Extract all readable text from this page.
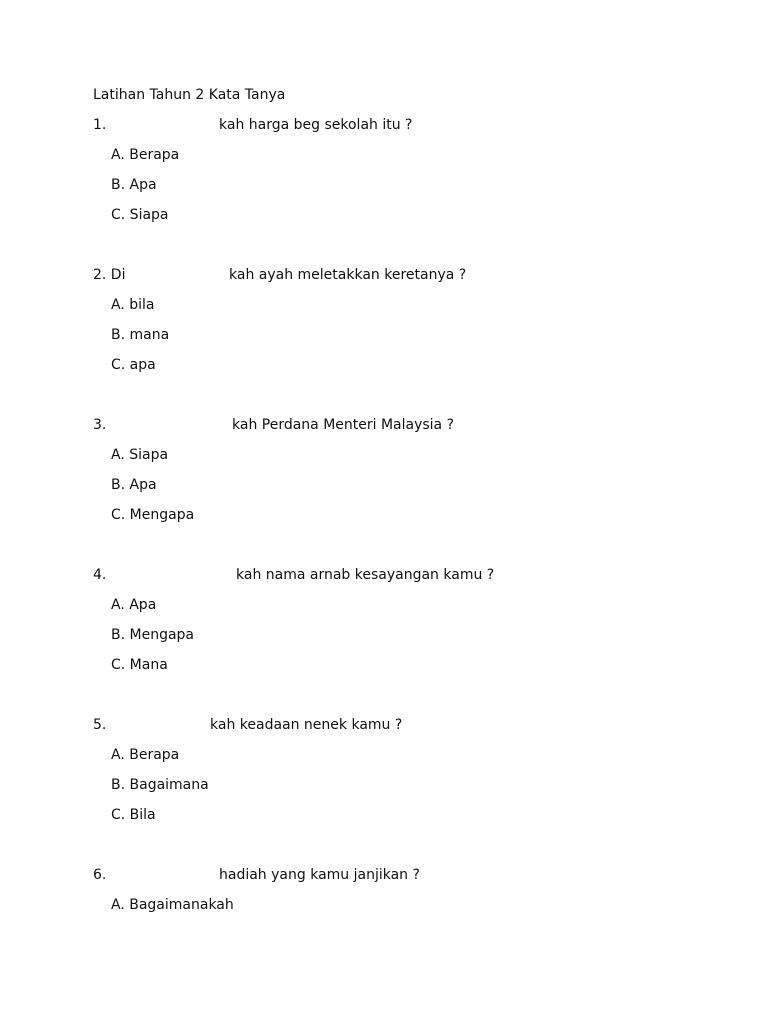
Latihan Tahun 2 Kata Tanya

1.

	kah harga beg sekolah itu ?

A. Berapa
B. Apa
C. Siapa

2. Di

	kah ayah meletakkan keretanya ?

A. bila
B. mana
C. apa

3.

	kah Perdana Menteri Malaysia ?

A. Siapa
B. Apa
C. Mengapa

4.

	kah nama arnab kesayangan kamu ?

A. Apa
B. Mengapa
C. Mana

5.

	kah keadaan nenek kamu ?

A. Berapa
B. Bagaimana
C. Bila

6.

	hadiah yang kamu janjikan ?

A. Bagaimanakah
